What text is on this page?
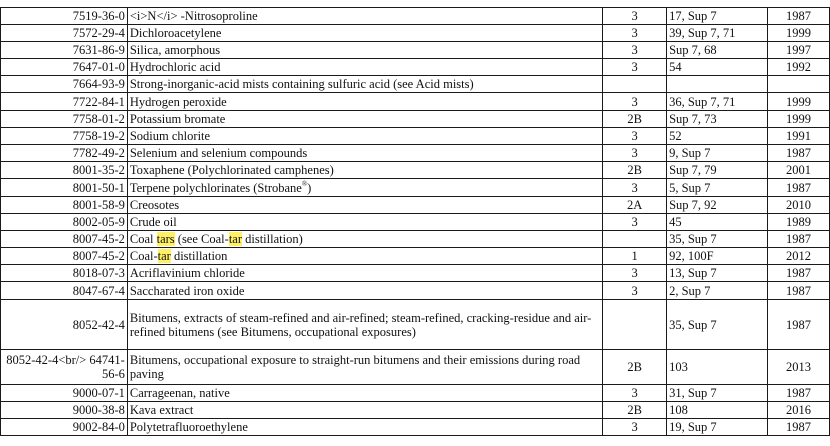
7519-36-0	<i>N</i> -Nitrosoproline	3	17, Sup 7	1987
7572-29-4	Dichloroacetylene	3	39, Sup 7, 71	1999
7631-86-9	Silica, amorphous	3	Sup 7, 68	1997
7647-01-0	Hydrochloric acid	3	54	1992
7664-93-9	Strong-inorganic-acid mists containing sulfuric acid (see Acid mists)			
7722-84-1	Hydrogen peroxide	3	36, Sup 7, 71	1999
7758-01-2	Potassium bromate	2B	Sup 7, 73	1999
7758-19-2	Sodium chlorite	3	52	1991
7782-49-2	Selenium and selenium compounds	3	9, Sup 7	1987
8001-35-2	Toxaphene (Polychlorinated camphenes)	2B	Sup 7, 79	2001
8001-50-1	Terpene polychlorinates (Strobane®)	3	5, Sup 7	1987
8001-58-9	Creosotes	2A	Sup 7, 92	2010
8002-05-9	Crude oil	3	45	1989
8007-45-2	Coal tars (see Coal-tar distillation)		35, Sup 7	1987
8007-45-2	Coal-tar distillation	1	92, 100F	2012
8018-07-3	Acriflavinium chloride	3	13, Sup 7	1987
8047-67-4	Saccharated iron oxide	3	2, Sup 7	1987
8052-42-4	Bitumens, extracts of steam-refined and air-refined; steam-refined, cracking-residue and air-refined bitumens (see Bitumens, occupational exposures)		35, Sup 7	1987
8052-42-4<br/> 64741-56-6	Bitumens, occupational exposure to straight-run bitumens and their emissions during road paving	2B	103	2013
9000-07-1	Carrageenan, native	3	31, Sup 7	1987
9000-38-8	Kava extract	2B	108	2016
9002-84-0	Polytetrafluoroethylene	3	19, Sup 7	1987
